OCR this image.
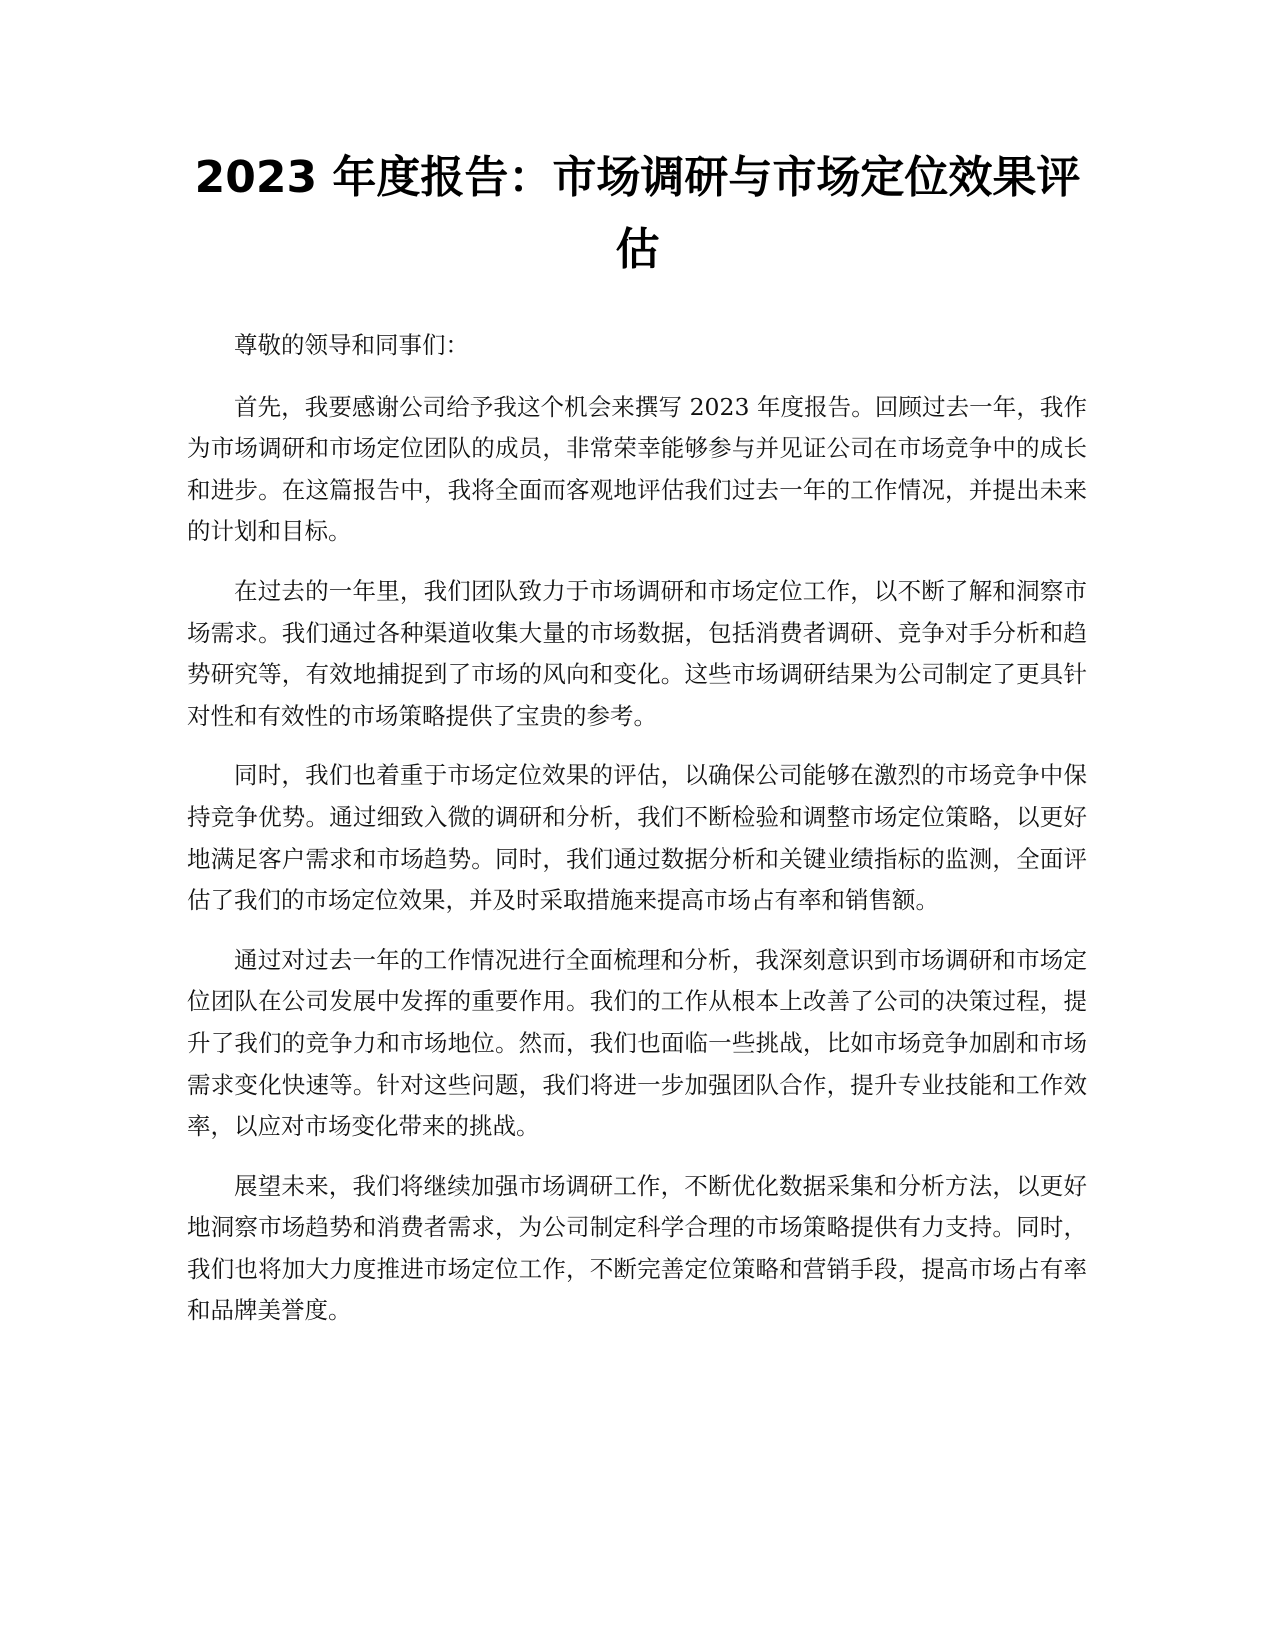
2023 年度报告：市场调研与市场定位效果评估

尊敬的领导和同事们：

首先，我要感谢公司给予我这个机会来撰写 2023 年度报告。回顾过去一年，我作为市场调研和市场定位团队的成员，非常荣幸能够参与并见证公司在市场竞争中的成长和进步。在这篇报告中，我将全面而客观地评估我们过去一年的工作情况，并提出未来的计划和目标。

在过去的一年里，我们团队致力于市场调研和市场定位工作，以不断了解和洞察市场需求。我们通过各种渠道收集大量的市场数据，包括消费者调研、竞争对手分析和趋势研究等，有效地捕捉到了市场的风向和变化。这些市场调研结果为公司制定了更具针对性和有效性的市场策略提供了宝贵的参考。

同时，我们也着重于市场定位效果的评估，以确保公司能够在激烈的市场竞争中保持竞争优势。通过细致入微的调研和分析，我们不断检验和调整市场定位策略，以更好地满足客户需求和市场趋势。同时，我们通过数据分析和关键业绩指标的监测，全面评估了我们的市场定位效果，并及时采取措施来提高市场占有率和销售额。

通过对过去一年的工作情况进行全面梳理和分析，我深刻意识到市场调研和市场定位团队在公司发展中发挥的重要作用。我们的工作从根本上改善了公司的决策过程，提升了我们的竞争力和市场地位。然而，我们也面临一些挑战，比如市场竞争加剧和市场需求变化快速等。针对这些问题，我们将进一步加强团队合作，提升专业技能和工作效率，以应对市场变化带来的挑战。

展望未来，我们将继续加强市场调研工作，不断优化数据采集和分析方法，以更好地洞察市场趋势和消费者需求，为公司制定科学合理的市场策略提供有力支持。同时，我们也将加大力度推进市场定位工作，不断完善定位策略和营销手段，提高市场占有率和品牌美誉度。
